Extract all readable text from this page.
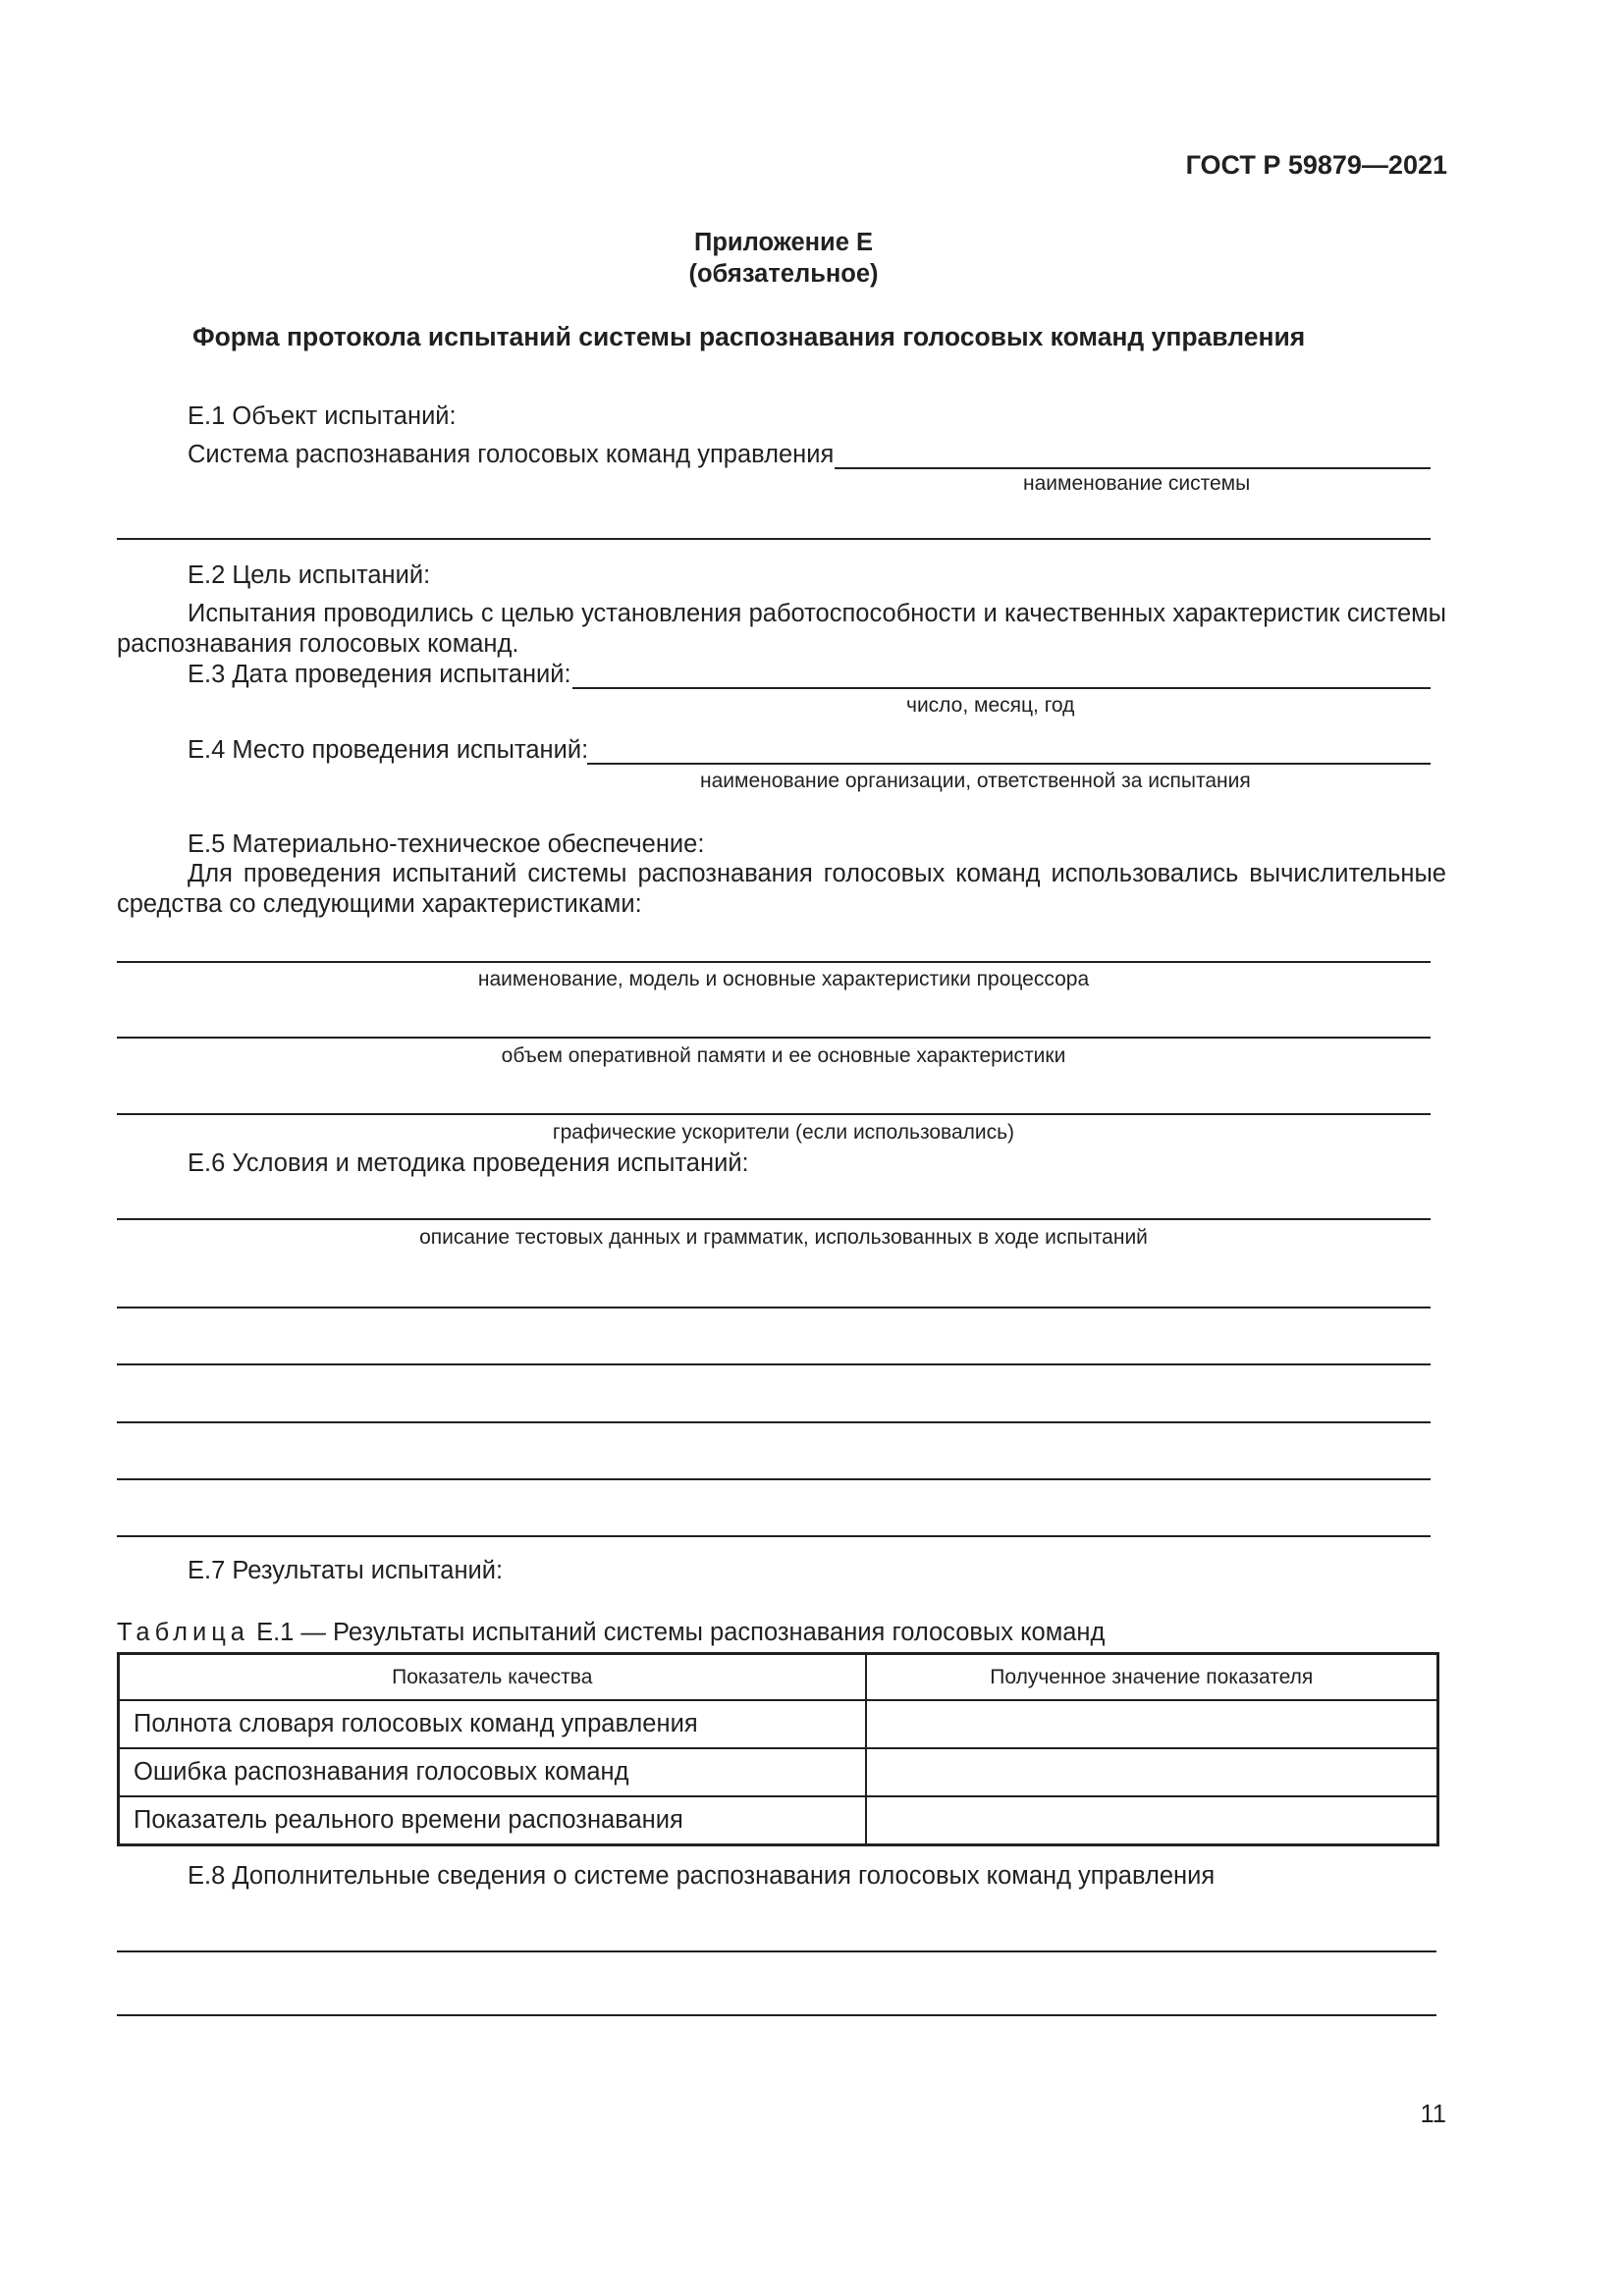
ГОСТ Р 59879—2021
Приложение Е
(обязательное)
Форма протокола испытаний системы распознавания голосовых команд управления
Е.1 Объект испытаний:
Система распознавания голосовых команд управления
наименование системы
Е.2 Цель испытаний:
Испытания проводились с целью установления работоспособности и качественных характеристик системы
распознавания голосовых команд.
Е.3 Дата проведения испытаний:
число, месяц, год
Е.4 Место проведения испытаний:
наименование организации, ответственной за испытания
Е.5 Материально-техническое обеспечение:
Для проведения испытаний системы распознавания голосовых команд использовались вычислительные
средства со следующими характеристиками:
наименование, модель и основные характеристики процессора
объем оперативной памяти и ее основные характеристики
графические ускорители (если использовались)
Е.6 Условия и методика проведения испытаний:
описание тестовых данных и грамматик, использованных в ходе испытаний
Е.7 Результаты испытаний:
Таблица Е.1 — Результаты испытаний системы распознавания голосовых команд
Показатель качества	Полученное значение показателя
Полнота словаря голосовых команд управления	
Ошибка распознавания голосовых команд	
Показатель реального времени распознавания	
Е.8 Дополнительные сведения о системе распознавания голосовых команд управления
11
